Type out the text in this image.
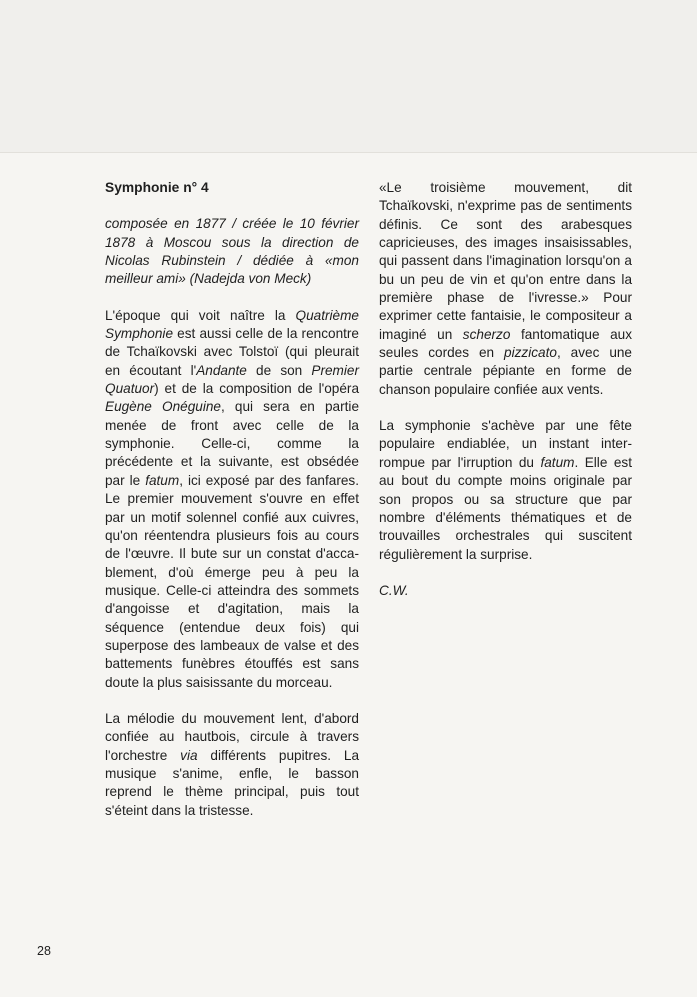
Symphonie n° 4

composée en 1877 / créée le 10 février 1878 à Moscou sous la direction de Nicolas Rubinstein / dédiée à «mon meilleur ami» (Nadejda von Meck)

L'époque qui voit naître la Quatrième Symphonie est aussi celle de la rencontre de Tchaïkovski avec Tolstoï (qui pleurait en écoutant l'Andante de son Premier Quatuor) et de la composition de l'opéra Eugène Onéguine, qui sera en partie menée de front avec celle de la symphonie. Celle-ci, comme la précédente et la suivante, est obsédée par le fatum, ici exposé par des fanfares. Le premier mouvement s'ouvre en effet par un motif solennel confié aux cuivres, qu'on réentendra plusieurs fois au cours de l'œuvre. Il bute sur un constat d'accablement, d'où émerge peu à peu la musique. Celle-ci atteindra des sommets d'angoisse et d'agitation, mais la séquence (entendue deux fois) qui superpose des lambeaux de valse et des battements funèbres étouffés est sans doute la plus saisissante du morceau.

La mélodie du mouvement lent, d'abord confiée au hautbois, circule à travers l'orchestre via différents pupitres. La musique s'anime, enfle, le basson reprend le thème principal, puis tout s'éteint dans la tristesse.

«Le troisième mouvement, dit Tchaïkovski, n'exprime pas de sentiments définis. Ce sont des arabesques capricieuses, des images insaisissables, qui passent dans l'imagination lorsqu'on a bu un peu de vin et qu'on entre dans la première phase de l'ivresse.» Pour exprimer cette fantaisie, le compositeur a imaginé un scherzo fantomatique aux seules cordes en pizzicato, avec une partie centrale pépiante en forme de chanson populaire confiée aux vents.

La symphonie s'achève par une fête populaire endiablée, un instant interrompue par l'irruption du fatum. Elle est au bout du compte moins originale par son propos ou sa structure que par nombre d'éléments thématiques et de trouvailles orchestrales qui suscitent régulièrement la surprise.

C.W.

28
